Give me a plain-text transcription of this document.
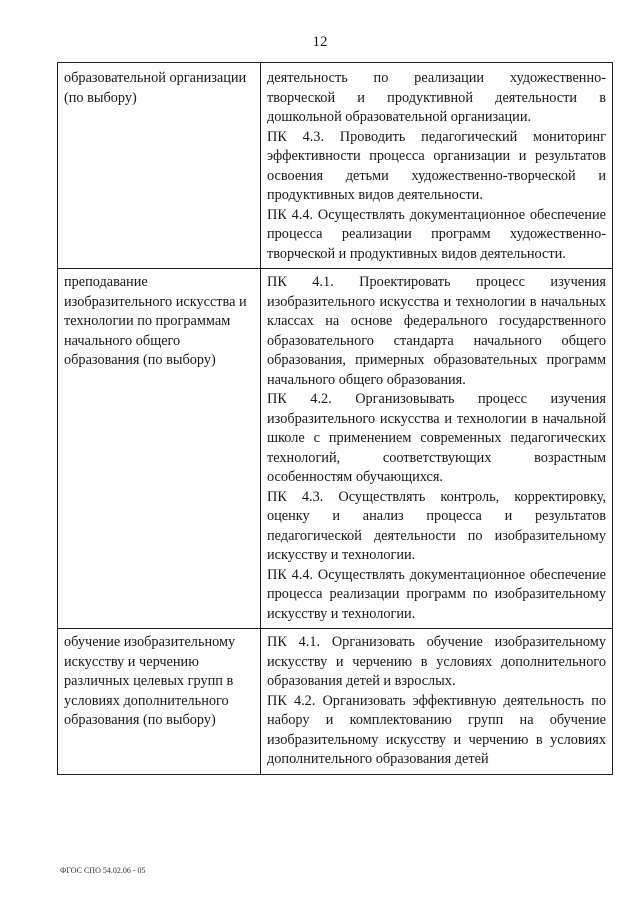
12
образовательной организации (по выбору)	деятельность по реализации художественно-творческой и продуктивной деятельности в дошкольной образовательной организации.

ПК 4.3. Проводить педагогический мониторинг эффективности процесса организации и результатов освоения детьми художественно-творческой и продуктивных видов деятельности.

ПК 4.4. Осуществлять документационное обеспечение процесса реализации программ художественно-творческой и продуктивных видов деятельности.

преподавание изобразительного искусства и технологии по программам начального общего образования (по выбору)	ПК 4.1. Проектировать процесс изучения изобразительного искусства и технологии в начальных классах на основе федерального государственного образовательного стандарта начального общего образования, примерных образовательных программ начального общего образования.

ПК 4.2. Организовывать процесс изучения изобразительного искусства и технологии в начальной школе с применением современных педагогических технологий, соответствующих возрастным особенностям обучающихся.

ПК 4.3. Осуществлять контроль, корректировку, оценку и анализ процесса и результатов педагогической деятельности по изобразительному искусству и технологии.

ПК 4.4. Осуществлять документационное обеспечение процесса реализации программ по изобразительному искусству и технологии.

обучение изобразительному искусству и черчению различных целевых групп в условиях дополнительного образования (по выбору)	ПК 4.1. Организовать обучение изобразительному искусству и черчению в условиях дополнительного образования детей и взрослых.

ПК 4.2. Организовать эффективную деятельность по набору и комплектованию групп на обучение изобразительному искусству и черчению в условиях дополнительного образования детей

ФГОС СПО 54.02.06 - 05
